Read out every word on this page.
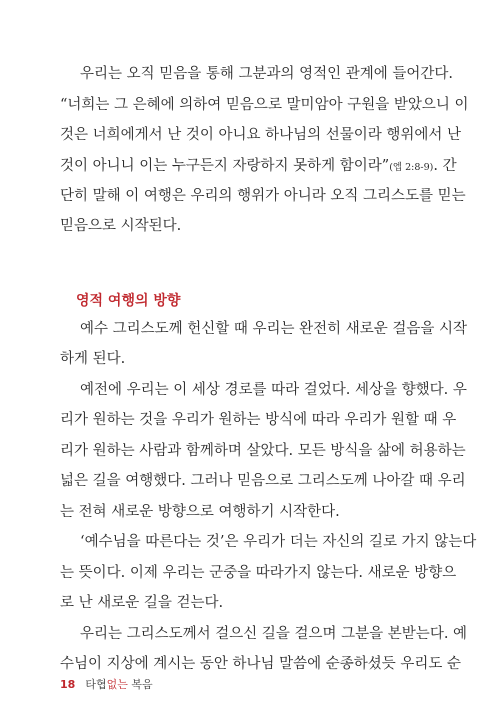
우리는 오직 믿음을 통해 그분과의 영적인 관계에 들어간다.
“너희는 그 은혜에 의하여 믿음으로 말미암아 구원을 받았으니 이
것은 너희에게서 난 것이 아니요 하나님의 선물이라 행위에서 난
것이 아니니 이는 누구든지 자랑하지 못하게 함이라”(엡 2:8-9). 간
단히 말해 이 여행은 우리의 행위가 아니라 오직 그리스도를 믿는
믿음으로 시작된다.
영적 여행의 방향
예수 그리스도께 헌신할 때 우리는 완전히 새로운 걸음을 시작
하게 된다.
예전에 우리는 이 세상 경로를 따라 걸었다. 세상을 향했다. 우
리가 원하는 것을 우리가 원하는 방식에 따라 우리가 원할 때 우
리가 원하는 사람과 함께하며 살았다. 모든 방식을 삶에 허용하는
넓은 길을 여행했다. 그러나 믿음으로 그리스도께 나아갈 때 우리
는 전혀 새로운 방향으로 여행하기 시작한다.
‘예수님을 따른다는 것’은 우리가 더는 자신의 길로 가지 않는다
는 뜻이다. 이제 우리는 군중을 따라가지 않는다. 새로운 방향으
로 난 새로운 길을 걷는다.
우리는 그리스도께서 걸으신 길을 걸으며 그분을 본받는다. 예
수님이 지상에 계시는 동안 하나님 말씀에 순종하셨듯 우리도 순
18 타협없는 복음
